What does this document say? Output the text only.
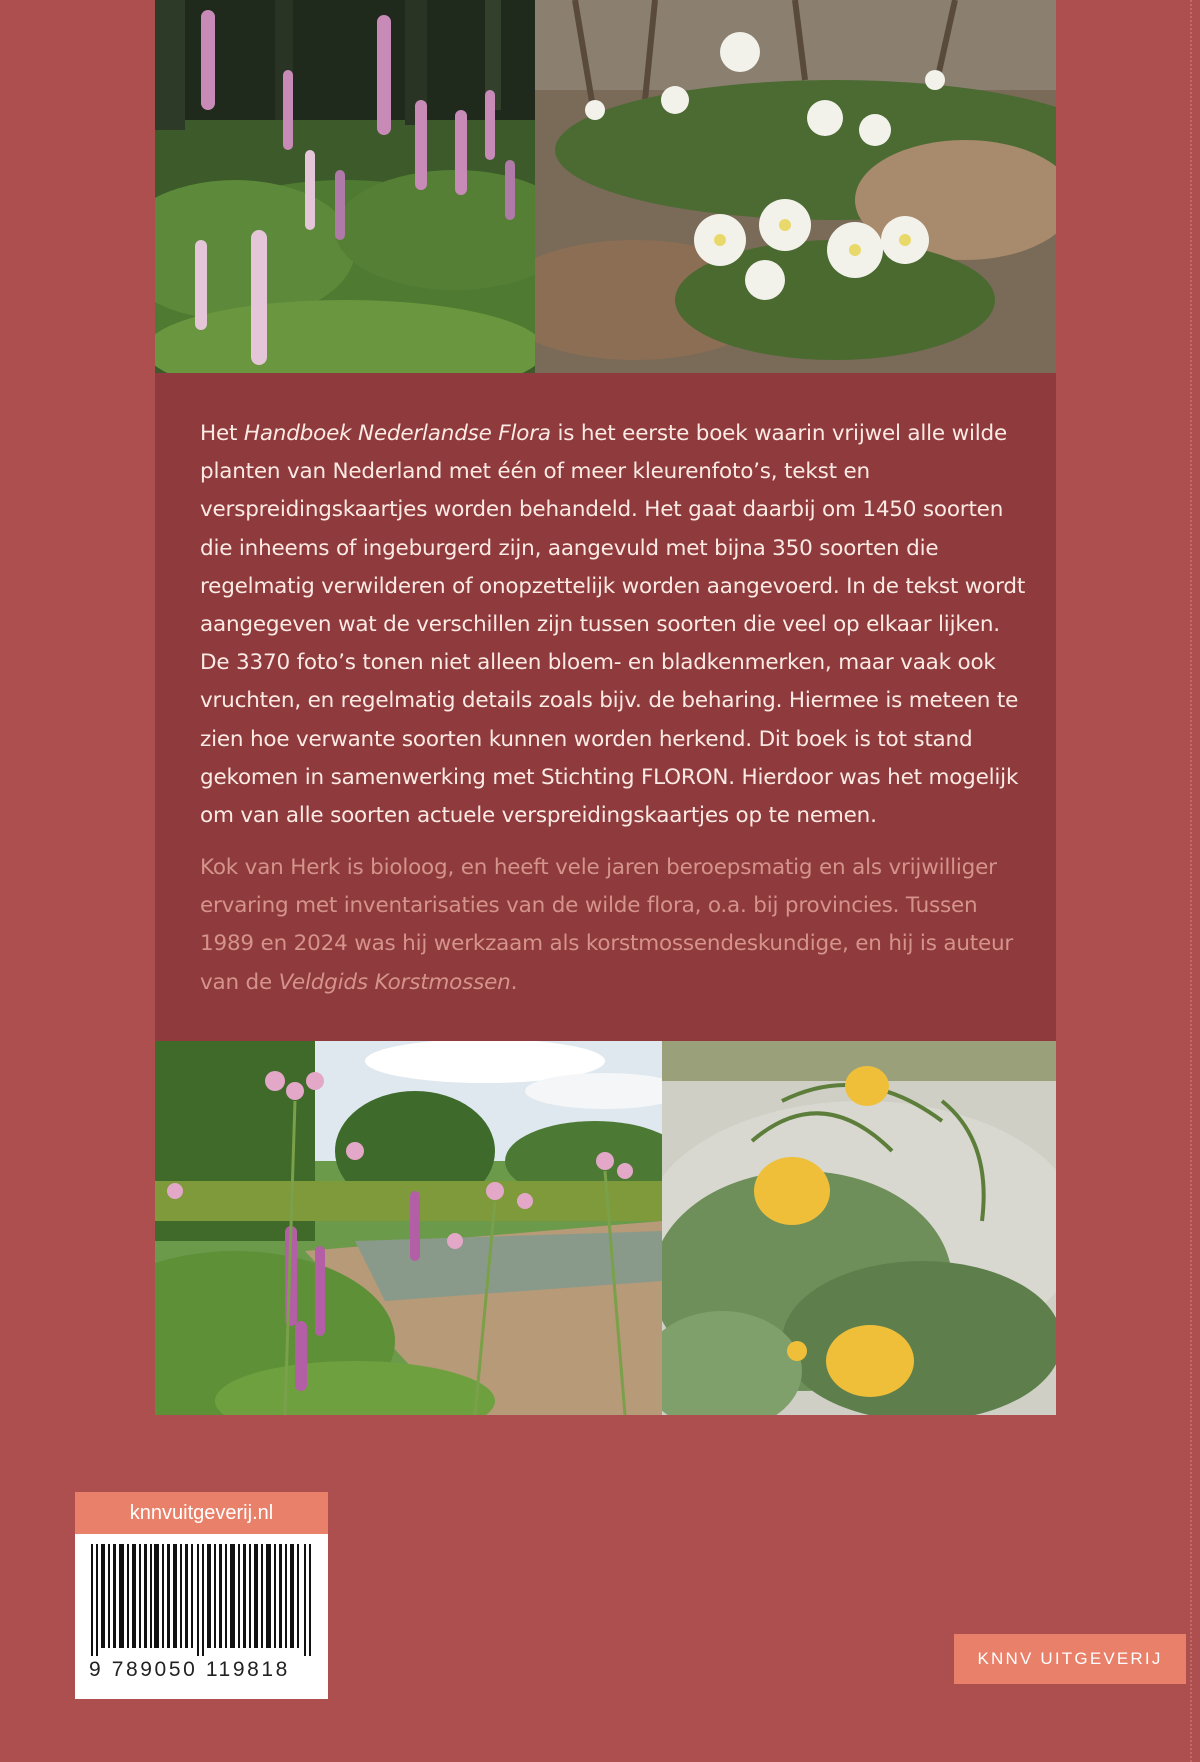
Het Handboek Nederlandse Flora is het eerste boek waarin vrijwel alle wilde planten van Nederland met één of meer kleurenfoto’s, tekst en verspreidingskaartjes worden behandeld. Het gaat daarbij om 1450 soorten die inheems of ingeburgerd zijn, aangevuld met bijna 350 soorten die regelmatig verwilderen of onopzettelijk worden aangevoerd. In de tekst wordt aangegeven wat de verschillen zijn tussen soorten die veel op elkaar lijken. De 3370 foto’s tonen niet alleen bloem- en bladkenmerken, maar vaak ook vruchten, en regelmatig details zoals bijv. de beharing. Hiermee is meteen te zien hoe verwante soorten kunnen worden herkend. Dit boek is tot stand gekomen in samenwerking met Stichting FLORON. Hierdoor was het mogelijk om van alle soorten actuele verspreidingskaartjes op te nemen.

Kok van Herk is bioloog, en heeft vele jaren beroepsmatig en als vrijwilliger ervaring met inventarisaties van de wilde flora, o.a. bij provincies. Tussen 1989 en 2024 was hij werkzaam als korstmossendeskundige, en hij is auteur van de Veldgids Korstmossen.

knnvuitgeverij.nl
9 789050 119818	KNNV UITGEVERIJ
